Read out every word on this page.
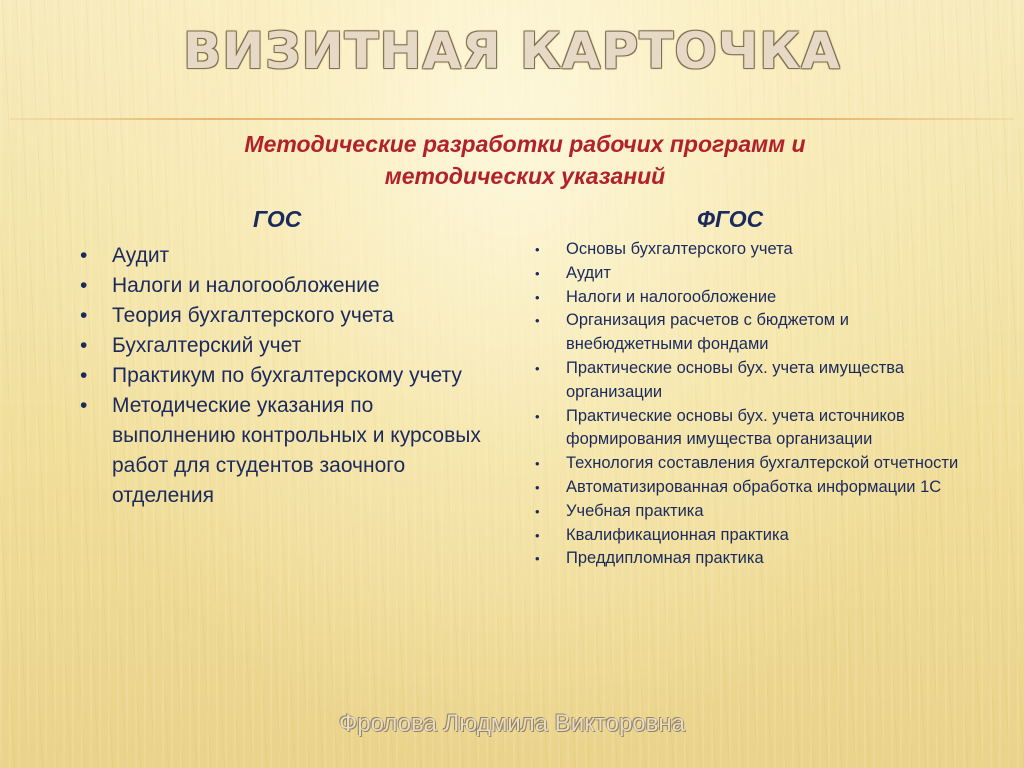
ВИЗИТНАЯ КАРТОЧКА

Методические разработки рабочих программ и
методических указаний

ГОС	ФГОС
• Аудит
• Налоги и налогообложение
• Теория бухгалтерского учета
• Бухгалтерский учет
• Практикум по бухгалтерскому учету
• Методические указания по выполнению контрольных и курсовых работ для студентов заочного отделения
• Основы бухгалтерского учета
• Аудит
• Налоги и налогообложение
• Организация расчетов с бюджетом и внебюджетными фондами
• Практические основы бух. учета имущества организации
• Практические основы бух. учета источников формирования имущества организации
• Технология составления бухгалтерской отчетности
• Автоматизированная обработка информации 1С
• Учебная практика
• Квалификационная практика
• Преддипломная практика

Фролова Людмила Викторовна
